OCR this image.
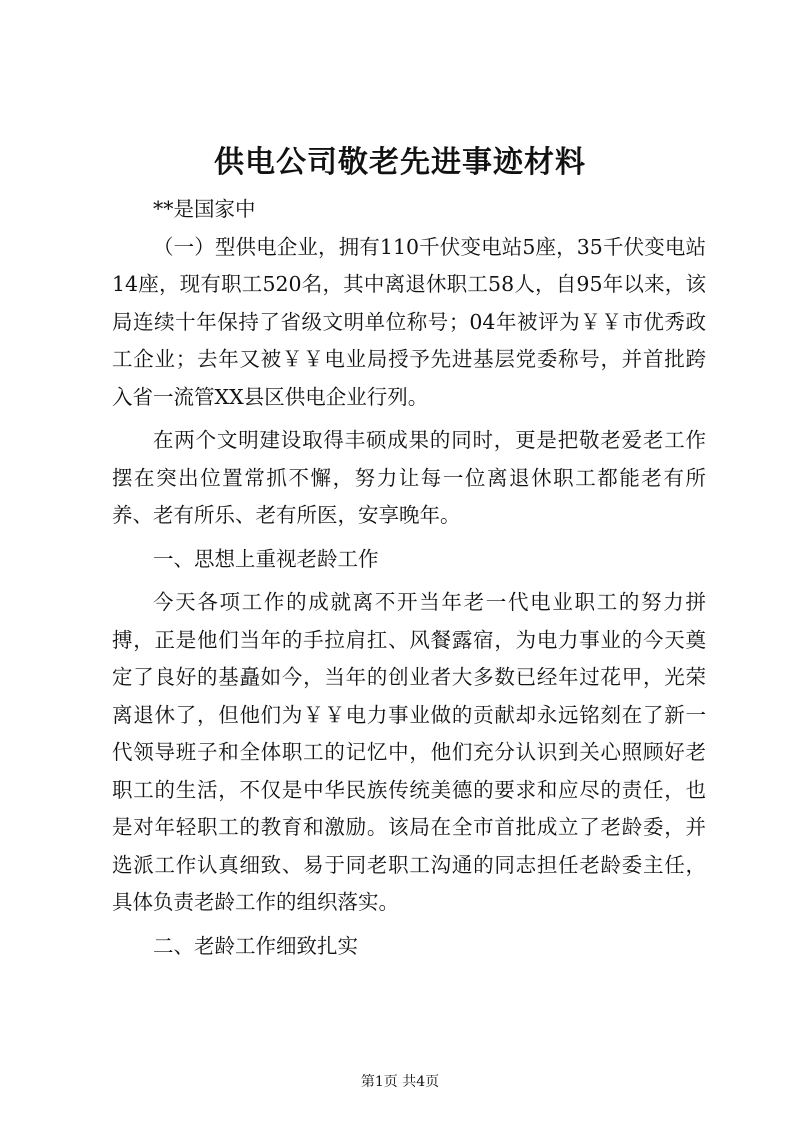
供电公司敬老先进事迹材料

**是国家中

（一）型供电企业，拥有110千伏变电站5座，35千伏变电站14座，现有职工520名，其中离退休职工58人，自95年以来，该局连续十年保持了省级文明单位称号；04年被评为￥￥市优秀政工企业；去年又被￥￥电业局授予先进基层党委称号，并首批跨入省一流管XX县区供电企业行列。

在两个文明建设取得丰硕成果的同时，更是把敬老爱老工作摆在突出位置常抓不懈，努力让每一位离退休职工都能老有所养、老有所乐、老有所医，安享晚年。

一、思想上重视老龄工作

今天各项工作的成就离不开当年老一代电业职工的努力拼搏，正是他们当年的手拉肩扛、风餐露宿，为电力事业的今天奠定了良好的基矗如今，当年的创业者大多数已经年过花甲，光荣离退休了，但他们为￥￥电力事业做的贡献却永远铭刻在了新一代领导班子和全体职工的记忆中，他们充分认识到关心照顾好老职工的生活，不仅是中华民族传统美德的要求和应尽的责任，也是对年轻职工的教育和激励。该局在全市首批成立了老龄委，并选派工作认真细致、易于同老职工沟通的同志担任老龄委主任，具体负责老龄工作的组织落实。

二、老龄工作细致扎实

第1页 共4页
